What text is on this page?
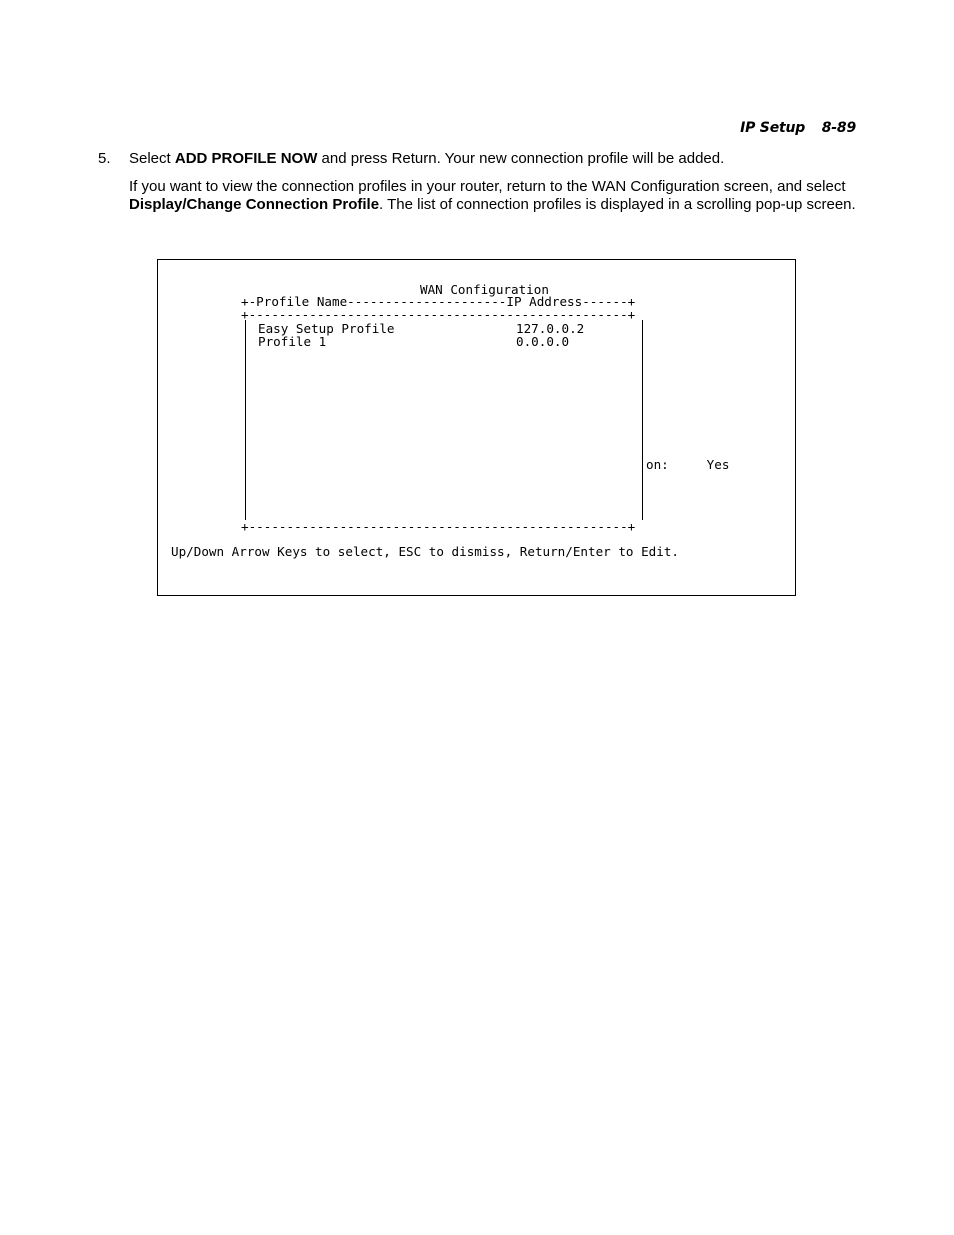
IP Setup 8-89
5. Select ADD PROFILE NOW and press Return. Your new connection profile will be added.
If you want to view the connection profiles in your router, return to the WAN Configuration screen, and select Display/Change Connection Profile. The list of connection profiles is displayed in a scrolling pop-up screen.
WAN Configuration
+-Profile Name---------------------IP Address------+
+--------------------------------------------------+
Easy Setup Profile	127.0.0.2
Profile 1	0.0.0.0
on:     Yes
+--------------------------------------------------+
Up/Down Arrow Keys to select, ESC to dismiss, Return/Enter to Edit.
